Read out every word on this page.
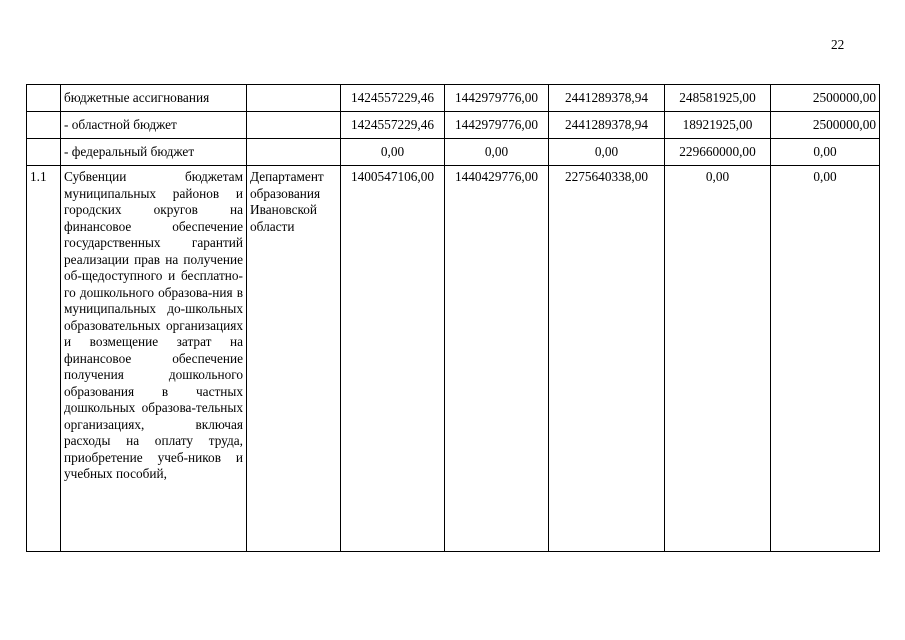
22
	бюджетные ассигнования		1424557229,46	1442979776,00	2441289378,94	248581925,00	2500000,00
	- областной бюджет		1424557229,46	1442979776,00	2441289378,94	18921925,00	2500000,00
	- федеральный бюджет		0,00	0,00	0,00	229660000,00	0,00
1.1	Субвенции бюджетам муниципальных районов и городских округов на финансовое обеспечение государственных гарантий реализации прав на получение об-щедоступного и бесплатно-го дошкольного образова-ния в муниципальных до-школьных образовательных организациях и возмещение затрат на финансовое обеспечение получения дошкольного образования в частных дошкольных образова-тельных организациях, включая расходы на оплату труда, приобретение учеб-ников и учебных пособий,	Департамент образования Ивановской области	1400547106,00	1440429776,00	2275640338,00	0,00	0,00
